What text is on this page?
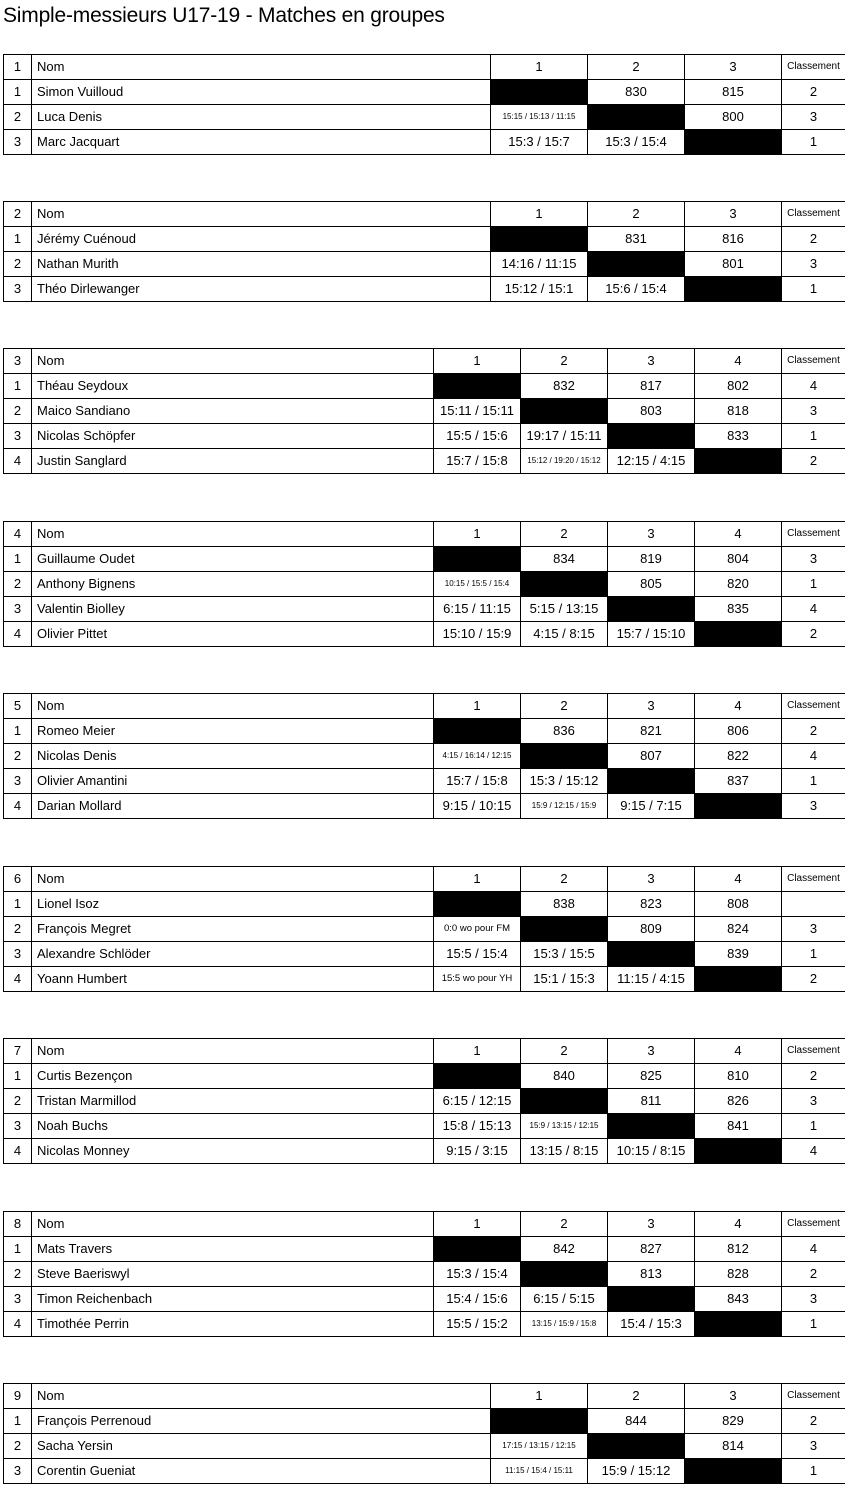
Simple-messieurs U17-19 - Matches en groupes
1	Nom	1	2	3	Classement
1	Simon Vuilloud		830	815	2
2	Luca Denis	15:15 / 15:13 / 11:15		800	3
3	Marc Jacquart	15:3 / 15:7	15:3 / 15:4		1
2	Nom	1	2	3	Classement
1	Jérémy Cuénoud		831	816	2
2	Nathan Murith	14:16 / 11:15		801	3
3	Théo Dirlewanger	15:12 / 15:1	15:6 / 15:4		1
3	Nom	1	2	3	4	Classement
1	Théau Seydoux		832	817	802	4
2	Maico Sandiano	15:11 / 15:11		803	818	3
3	Nicolas Schöpfer	15:5 / 15:6	19:17 / 15:11		833	1
4	Justin Sanglard	15:7 / 15:8	15:12 / 19:20 / 15:12	12:15 / 4:15		2
4	Nom	1	2	3	4	Classement
1	Guillaume Oudet		834	819	804	3
2	Anthony Bignens	10:15 / 15:5 / 15:4		805	820	1
3	Valentin Biolley	6:15 / 11:15	5:15 / 13:15		835	4
4	Olivier Pittet	15:10 / 15:9	4:15 / 8:15	15:7 / 15:10		2
5	Nom	1	2	3	4	Classement
1	Romeo Meier		836	821	806	2
2	Nicolas Denis	4:15 / 16:14 / 12:15		807	822	4
3	Olivier Amantini	15:7 / 15:8	15:3 / 15:12		837	1
4	Darian Mollard	9:15 / 10:15	15:9 / 12:15 / 15:9	9:15 / 7:15		3
6	Nom	1	2	3	4	Classement
1	Lionel Isoz		838	823	808	
2	François Megret	0:0 wo pour FM		809	824	3
3	Alexandre Schlöder	15:5 / 15:4	15:3 / 15:5		839	1
4	Yoann Humbert	15:5 wo pour YH	15:1 / 15:3	11:15 / 4:15		2
7	Nom	1	2	3	4	Classement
1	Curtis Bezençon		840	825	810	2
2	Tristan Marmillod	6:15 / 12:15		811	826	3
3	Noah Buchs	15:8 / 15:13	15:9 / 13:15 / 12:15		841	1
4	Nicolas Monney	9:15 / 3:15	13:15 / 8:15	10:15 / 8:15		4
8	Nom	1	2	3	4	Classement
1	Mats Travers		842	827	812	4
2	Steve Baeriswyl	15:3 / 15:4		813	828	2
3	Timon Reichenbach	15:4 / 15:6	6:15 / 5:15		843	3
4	Timothée Perrin	15:5 / 15:2	13:15 / 15:9 / 15:8	15:4 / 15:3		1
9	Nom	1	2	3	Classement
1	François Perrenoud		844	829	2
2	Sacha Yersin	17:15 / 13:15 / 12:15		814	3
3	Corentin Gueniat	11:15 / 15:4 / 15:11	15:9 / 15:12		1
